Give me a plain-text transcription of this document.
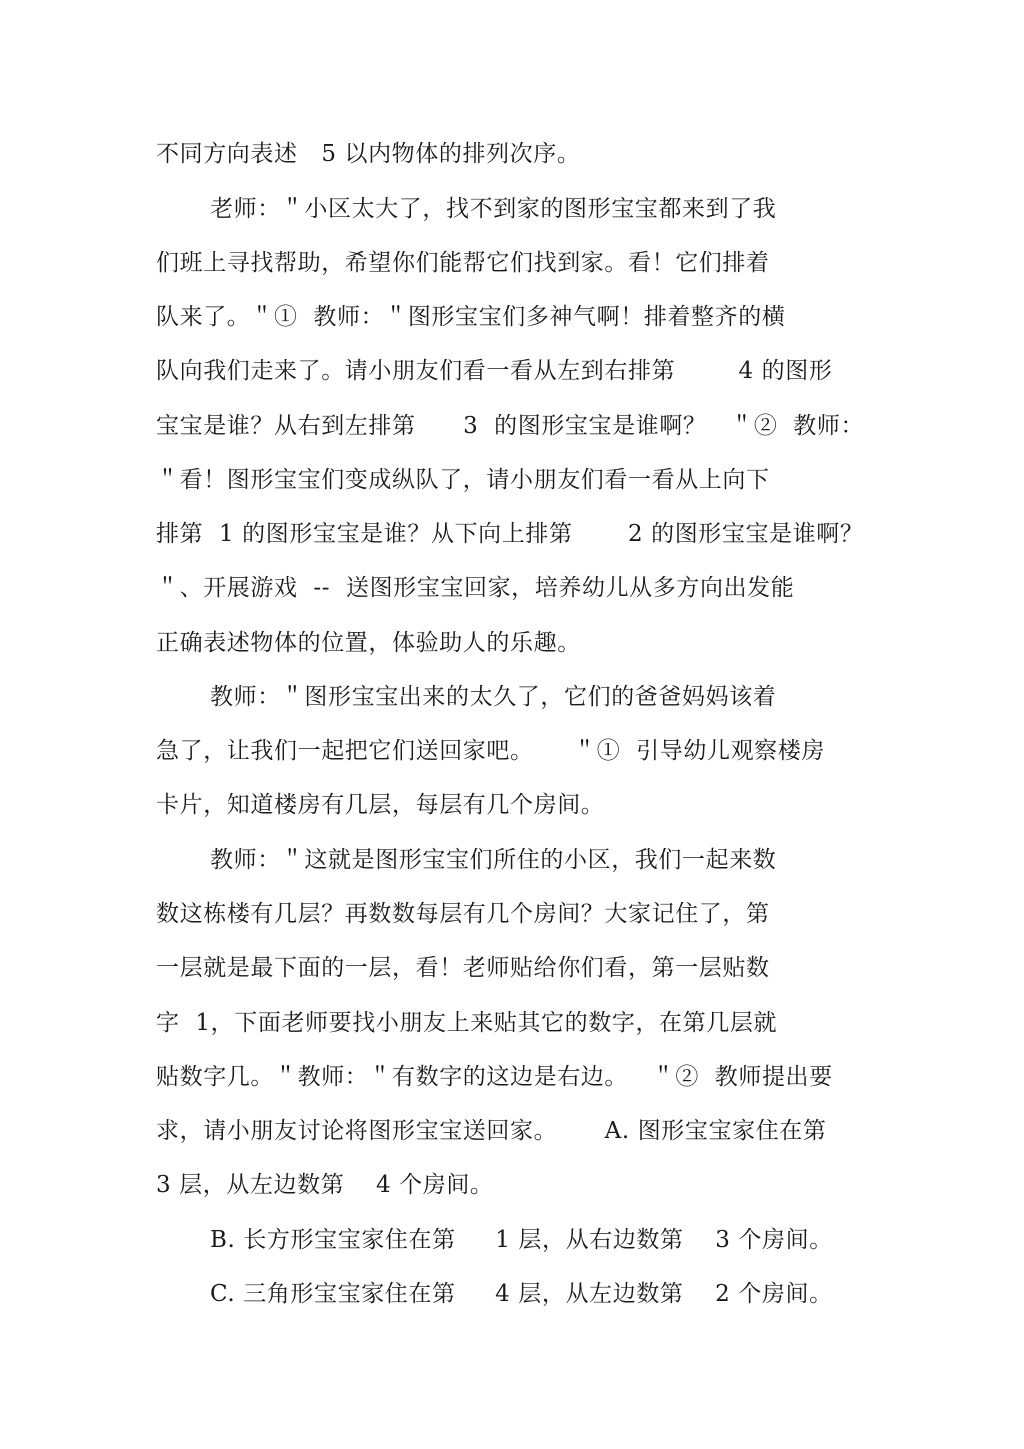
不同方向表述   5 以内物体的排列次序。
老师：＂小区太大了，找不到家的图形宝宝都来到了我
们班上寻找帮助，希望你们能帮它们找到家。看！它们排着
队来了。＂①  教师：＂图形宝宝们多神气啊！排着整齐的横
队向我们走来了。请小朋友们看一看从左到右排第        4 的图形
宝宝是谁？从右到左排第      3  的图形宝宝是谁啊？   ＂②  教师：
＂看！图形宝宝们变成纵队了，请小朋友们看一看从上向下
排第  1 的图形宝宝是谁？从下向上排第       2 的图形宝宝是谁啊？
＂、开展游戏  --  送图形宝宝回家，培养幼儿从多方向出发能
正确表述物体的位置，体验助人的乐趣。
教师：＂图形宝宝出来的太久了，它们的爸爸妈妈该着
急了，让我们一起把它们送回家吧。     ＂①  引导幼儿观察楼房
卡片，知道楼房有几层，每层有几个房间。
教师：＂这就是图形宝宝们所住的小区，我们一起来数
数这栋楼有几层？再数数每层有几个房间？大家记住了，第
一层就是最下面的一层，看！老师贴给你们看，第一层贴数
字  1，下面老师要找小朋友上来贴其它的数字，在第几层就
贴数字几。＂教师：＂有数字的这边是右边。   ＂②  教师提出要
求，请小朋友讨论将图形宝宝送回家。      A. 图形宝宝家住在第
3 层，从左边数第    4 个房间。
B. 长方形宝宝家住在第     1 层，从右边数第    3 个房间。
C. 三角形宝宝家住在第     4 层，从左边数第    2 个房间。
